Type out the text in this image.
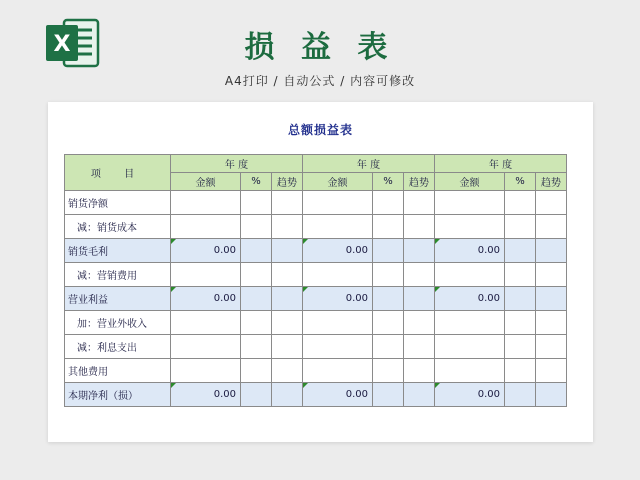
X	损 益 表
A4打印 / 自动公式 / 内容可修改
总额损益表
项 目	年 度			年 度			年 度		
	金额	%	趋势	金额	%	趋势	金额	%	趋势
销货净额									
减：销货成本									
销货毛利	0.00			0.00			0.00

减：营销费用									
营业利益	0.00			0.00			0.00

加：营业外收入									
减：利息支出									
其他费用									
本期净利（损）	0.00			0.00			0.00
